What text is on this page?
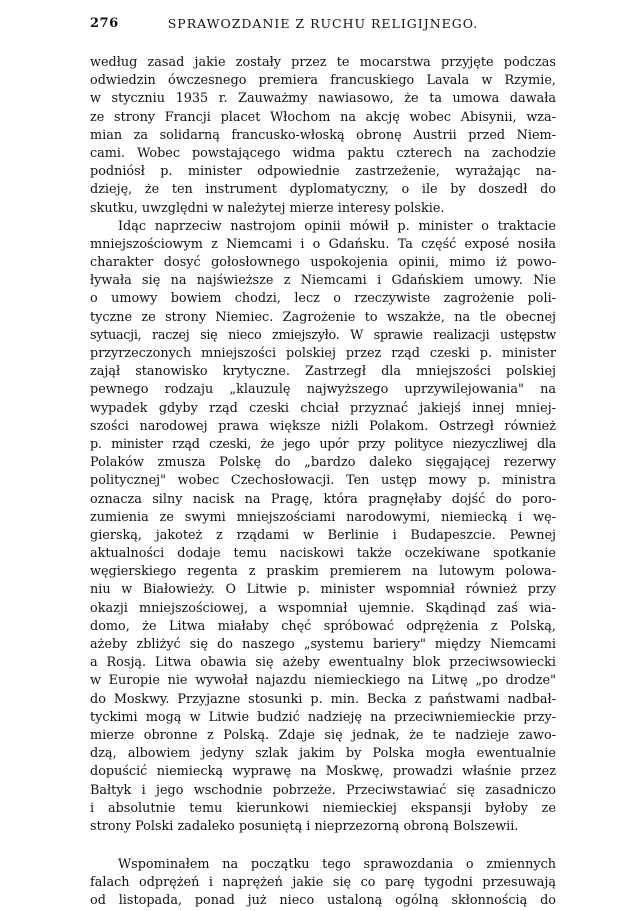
276	SPRAWOZDANIE Z RUCHU RELIGIJNEGO.
według zasad jakie zostały przez te mocarstwa przyjęte podczas
odwiedzin ówczesnego premiera francuskiego Lavala w Rzymie,
w styczniu 1935 r. Zauważmy nawiasowo, że ta umowa dawała
ze strony Francji placet Włochom na akcję wobec Abisynii, wza-
mian za solidarną francusko-włoską obronę Austrii przed Niem-
cami. Wobec powstającego widma paktu czterech na zachodzie
podniósł p. minister odpowiednie zastrzeżenie, wyrażając na-
dzieję, że ten instrument dyplomatyczny, o ile by doszedł do
skutku, uwzględni w należytej mierze interesy polskie.
Idąc naprzeciw nastrojom opinii mówił p. minister o traktacie
mniejszościowym z Niemcami i o Gdańsku. Ta część exposé nosiła
charakter dosyć gołosłownego uspokojenia opinii, mimo iż powo-
ływała się na najświeższe z Niemcami i Gdańskiem umowy. Nie
o umowy bowiem chodzi, lecz o rzeczywiste zagrożenie poli-
tyczne ze strony Niemiec. Zagrożenie to wszakże, na tle obecnej
sytuacji, raczej się nieco zmiejszyło. W sprawie realizacji ustępstw
przyrzeczonych mniejszości polskiej przez rząd czeski p. minister
zajął stanowisko krytyczne. Zastrzegł dla mniejszości polskiej
pewnego rodzaju „klauzulę najwyższego uprzywilejowania" na
wypadek gdyby rząd czeski chciał przyznać jakiejś innej mniej-
szości narodowej prawa większe niżli Polakom. Ostrzegł również
p. minister rząd czeski, że jego upór przy polityce niezyczliwej dla
Polaków zmusza Polskę do „bardzo daleko sięgającej rezerwy
politycznej" wobec Czechosłowacji. Ten ustęp mowy p. ministra
oznacza silny nacisk na Pragę, która pragnęłaby dojść do poro-
zumienia ze swymi mniejszościami narodowymi, niemiecką i wę-
gierską, jakoteż z rządami w Berlinie i Budapeszcie. Pewnej
aktualności dodaje temu naciskowi także oczekiwane spotkanie
węgierskiego regenta z praskim premierem na lutowym polowa-
niu w Białowieży. O Litwie p. minister wspomniał również przy
okazji mniejszościowej, a wspomniał ujemnie. Skądinąd zaś wia-
domo, że Litwa miałaby chęć spróbować odprężenia z Polską,
ażeby zbliżyć się do naszego „systemu bariery" między Niemcami
a Rosją. Litwa obawia się ażeby ewentualny blok przeciwsowiecki
w Europie nie wywołał najazdu niemieckiego na Litwę „po drodze"
do Moskwy. Przyjazne stosunki p. min. Becka z państwami nadbał-
tyckimi mogą w Litwie budzić nadzieję na przeciwniemieckie przy-
mierze obronne z Polską. Zdaje się jednak, że te nadzieje zawo-
dzą, albowiem jedyny szlak jakim by Polska mogła ewentualnie
dopuścić niemiecką wyprawę na Moskwę, prowadzi właśnie przez
Bałtyk i jego wschodnie pobrzeże. Przeciwstawiać się zasadniczo
i absolutnie temu kierunkowi niemieckiej ekspansji byłoby ze
strony Polski zadaleko posuniętą i nieprzezorną obroną Bolszewii.
Wspominałem na początku tego sprawozdania o zmiennych
falach odprężeń i naprężeń jakie się co parę tygodni przesuwają
od listopada, ponad już nieco ustaloną ogólną skłonnością do
